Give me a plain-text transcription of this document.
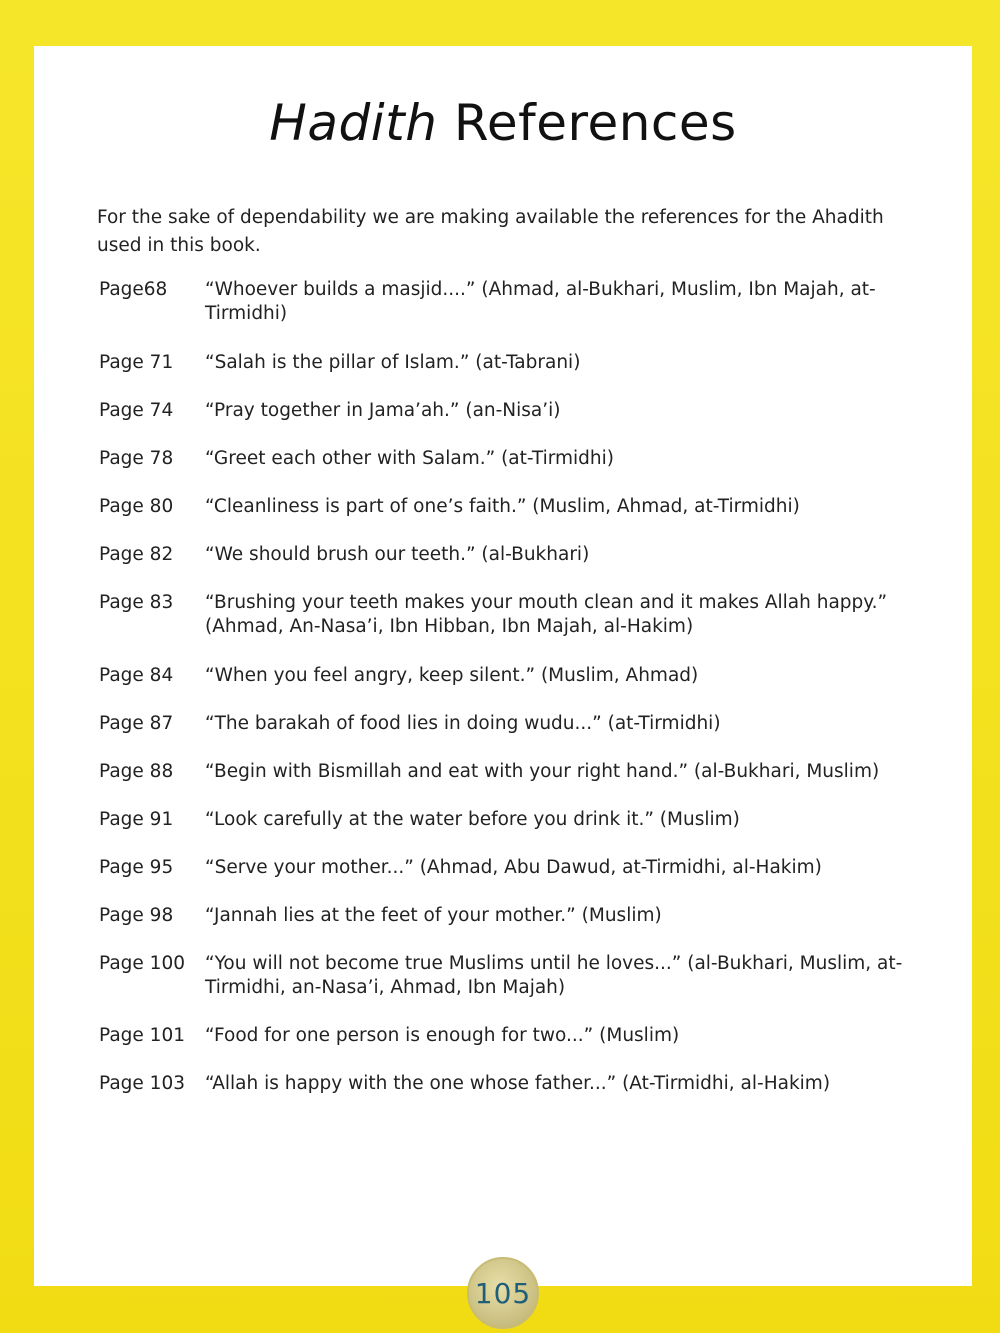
Hadith References

For the sake of dependability we are making available the references for the Ahadith used in this book.

Page68	“Whoever builds a masjid....” (Ahmad, al-Bukhari, Muslim, Ibn Majah, at-Tirmidhi)
Page 71	“Salah is the pillar of Islam.” (at-Tabrani)
Page 74	“Pray together in Jama’ah.” (an-Nisa’i)
Page 78	“Greet each other with Salam.” (at-Tirmidhi)
Page 80	“Cleanliness is part of one’s faith.” (Muslim, Ahmad, at-Tirmidhi)
Page 82	“We should brush our teeth.” (al-Bukhari)
Page 83	“Brushing your teeth makes your mouth clean and it makes Allah happy.” (Ahmad, An-Nasa’i, Ibn Hibban, Ibn Majah, al-Hakim)
Page 84	“When you feel angry, keep silent.” (Muslim, Ahmad)
Page 87	“The barakah of food lies in doing wudu...” (at-Tirmidhi)
Page 88	“Begin with Bismillah and eat with your right hand.” (al-Bukhari, Muslim)
Page 91	“Look carefully at the water before you drink it.” (Muslim)
Page 95	“Serve your mother...” (Ahmad, Abu Dawud, at-Tirmidhi, al-Hakim)
Page 98	“Jannah lies at the feet of your mother.” (Muslim)
Page 100	“You will not become true Muslims until he loves...” (al-Bukhari, Muslim, at-Tirmidhi, an-Nasa’i, Ahmad, Ibn Majah)
Page 101	“Food for one person is enough for two...” (Muslim)
Page 103	“Allah is happy with the one whose father...” (At-Tirmidhi, al-Hakim)
105
